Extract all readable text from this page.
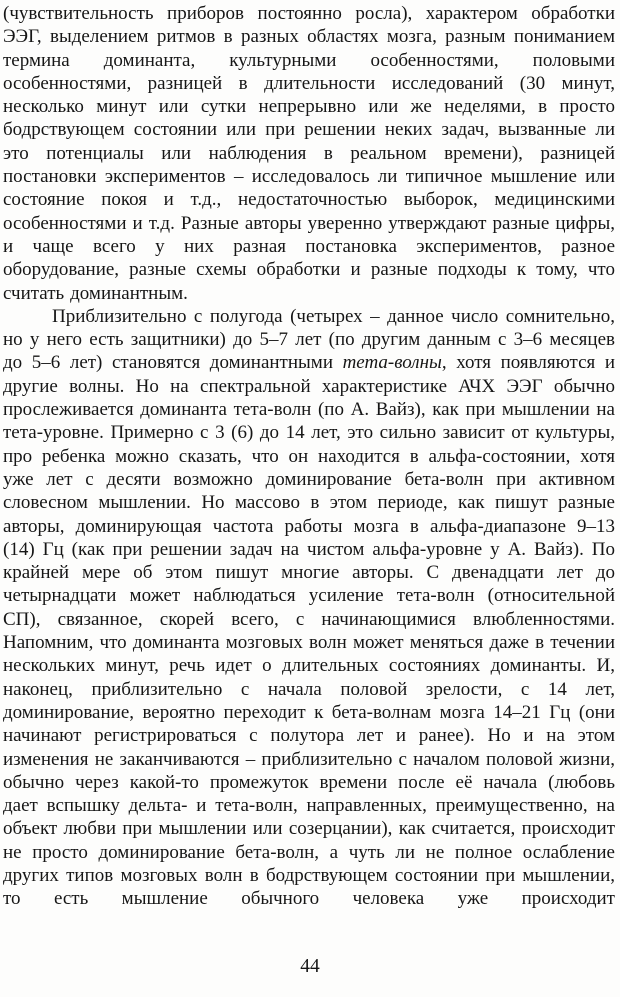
(чувствительность приборов постоянно росла), характером обработки ЭЭГ, выделением ритмов в разных областях мозга, разным пониманием термина доминанта, культурными особенностями, половыми особенностями, разницей в длительности исследований (30 минут, несколько минут или сутки непрерывно или же неделями, в просто бодрствующем состоянии или при решении неких задач, вызванные ли это потенциалы или наблюдения в реальном времени), разницей постановки экспериментов – исследовалось ли типичное мышление или состояние покоя и т.д., недостаточностью выборок, медицинскими особенностями и т.д. Разные авторы уверенно утверждают разные цифры, и чаще всего у них разная постановка экспериментов, разное оборудование, разные схемы обработки и разные подходы к тому, что считать доминантным.

Приблизительно с полугода (четырех – данное число сомнительно, но у него есть защитники) до 5–7 лет (по другим данным с 3–6 месяцев до 5–6 лет) становятся доминантными тета-волны, хотя появляются и другие волны. Но на спектральной характеристике АЧХ ЭЭГ обычно прослеживается доминанта тета-волн (по А. Вайз), как при мышлении на тета-уровне. Примерно с 3 (6) до 14 лет, это сильно зависит от культуры, про ребенка можно сказать, что он находится в альфа-состоянии, хотя уже лет с десяти возможно доминирование бета-волн при активном словесном мышлении. Но массово в этом периоде, как пишут разные авторы, доминирующая частота работы мозга в альфа-диапазоне 9–13 (14) Гц (как при решении задач на чистом альфа-уровне у А. Вайз). По крайней мере об этом пишут многие авторы. С двенадцати лет до четырнадцати может наблюдаться усиление тета-волн (относительной СП), связанное, скорей всего, с начинающимися влюбленностями. Напомним, что доминанта мозговых волн может меняться даже в течении нескольких минут, речь идет о длительных состояниях доминанты. И, наконец, приблизительно с начала половой зрелости, с 14 лет, доминирование, вероятно переходит к бета-волнам мозга 14–21 Гц (они начинают регистрироваться с полутора лет и ранее). Но и на этом изменения не заканчиваются – приблизительно с началом половой жизни, обычно через какой-то промежуток времени после её начала (любовь дает вспышку дельта- и тета-волн, направленных, преимущественно, на объект любви при мышлении или созерцании), как считается, происходит не просто доминирование бета-волн, а чуть ли не полное ослабление других типов мозговых волн в бодрствующем состоянии при мышлении, то есть мышление обычного человека уже происходит

44
